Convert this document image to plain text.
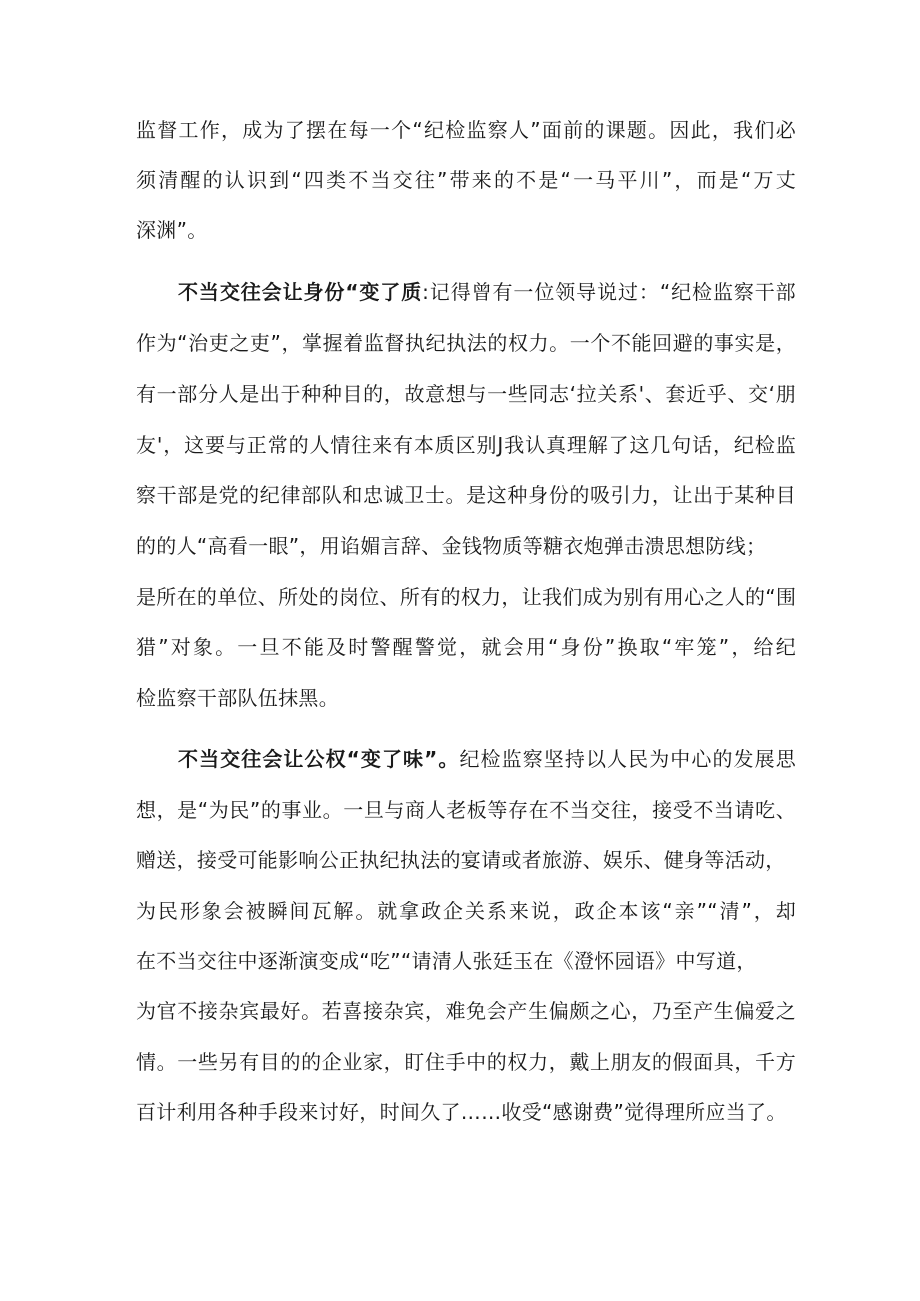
监督工作，成为了摆在每一个“纪检监察人”面前的课题。因此，我们必
须清醒的认识到“四类不当交往”带来的不是“一马平川”，而是“万丈
深渊”。
不当交往会让身份“变了质:记得曾有一位领导说过：“纪检监察干部
作为“治吏之吏”，掌握着监督执纪执法的权力。一个不能回避的事实是，
有一部分人是出于种种目的，故意想与一些同志‘拉关系'、套近乎、交‘朋
友'，这要与正常的人情往来有本质区别J我认真理解了这几句话，纪检监
察干部是党的纪律部队和忠诚卫士。是这种身份的吸引力，让出于某种目
的的人“高看一眼”，用谄媚言辞、金钱物质等糖衣炮弹击溃思想防线；
是所在的单位、所处的岗位、所有的权力，让我们成为别有用心之人的“围
猎”对象。一旦不能及时警醒警觉，就会用“身份”换取“牢笼”，给纪
检监察干部队伍抹黑。
不当交往会让公权“变了味”。纪检监察坚持以人民为中心的发展思
想，是“为民”的事业。一旦与商人老板等存在不当交往，接受不当请吃、
赠送，接受可能影响公正执纪执法的宴请或者旅游、娱乐、健身等活动，
为民形象会被瞬间瓦解。就拿政企关系来说，政企本该“亲”“清”，却
在不当交往中逐渐演变成“吃”“请清人张廷玉在《澄怀园语》中写道，
为官不接杂宾最好。若喜接杂宾，难免会产生偏颇之心，乃至产生偏爱之
情。一些另有目的的企业家，盯住手中的权力，戴上朋友的假面具，千方
百计利用各种手段来讨好，时间久了……收受“感谢费”觉得理所应当了。
